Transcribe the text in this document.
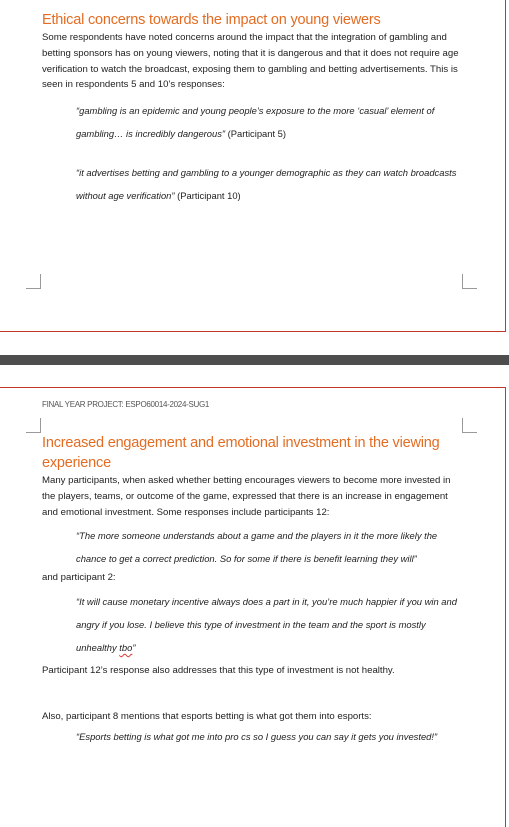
Ethical concerns towards the impact on young viewers

Some respondents have noted concerns around the impact that the integration of gambling and betting sponsors has on young viewers, noting that it is dangerous and that it does not require age verification to watch the broadcast, exposing them to gambling and betting advertisements. This is seen in respondents 5 and 10’s responses:

“gambling is an epidemic and young people’s exposure to the more ‘casual’ element of gambling… is incredibly dangerous” (Participant 5)

“it advertises betting and gambling to a younger demographic as they can watch broadcasts without age verification” (Participant 10)

FINAL YEAR PROJECT: ESPO60014-2024-SUG1
Increased engagement and emotional investment in the viewing experience

Many participants, when asked whether betting encourages viewers to become more invested in the players, teams, or outcome of the game, expressed that there is an increase in engagement and emotional investment. Some responses include participants 12:

“The more someone understands about a game and the players in it the more likely the chance to get a correct prediction. So for some if there is benefit learning they will”

and participant 2:

“It will cause monetary incentive always does a part in it, you’re much happier if you win and angry if you lose. I believe this type of investment in the team and the sport is mostly unhealthy tbo”

Participant 12’s response also addresses that this type of investment is not healthy.

Also, participant 8 mentions that esports betting is what got them into esports:

“Esports betting is what got me into pro cs so I guess you can say it gets you invested!”
